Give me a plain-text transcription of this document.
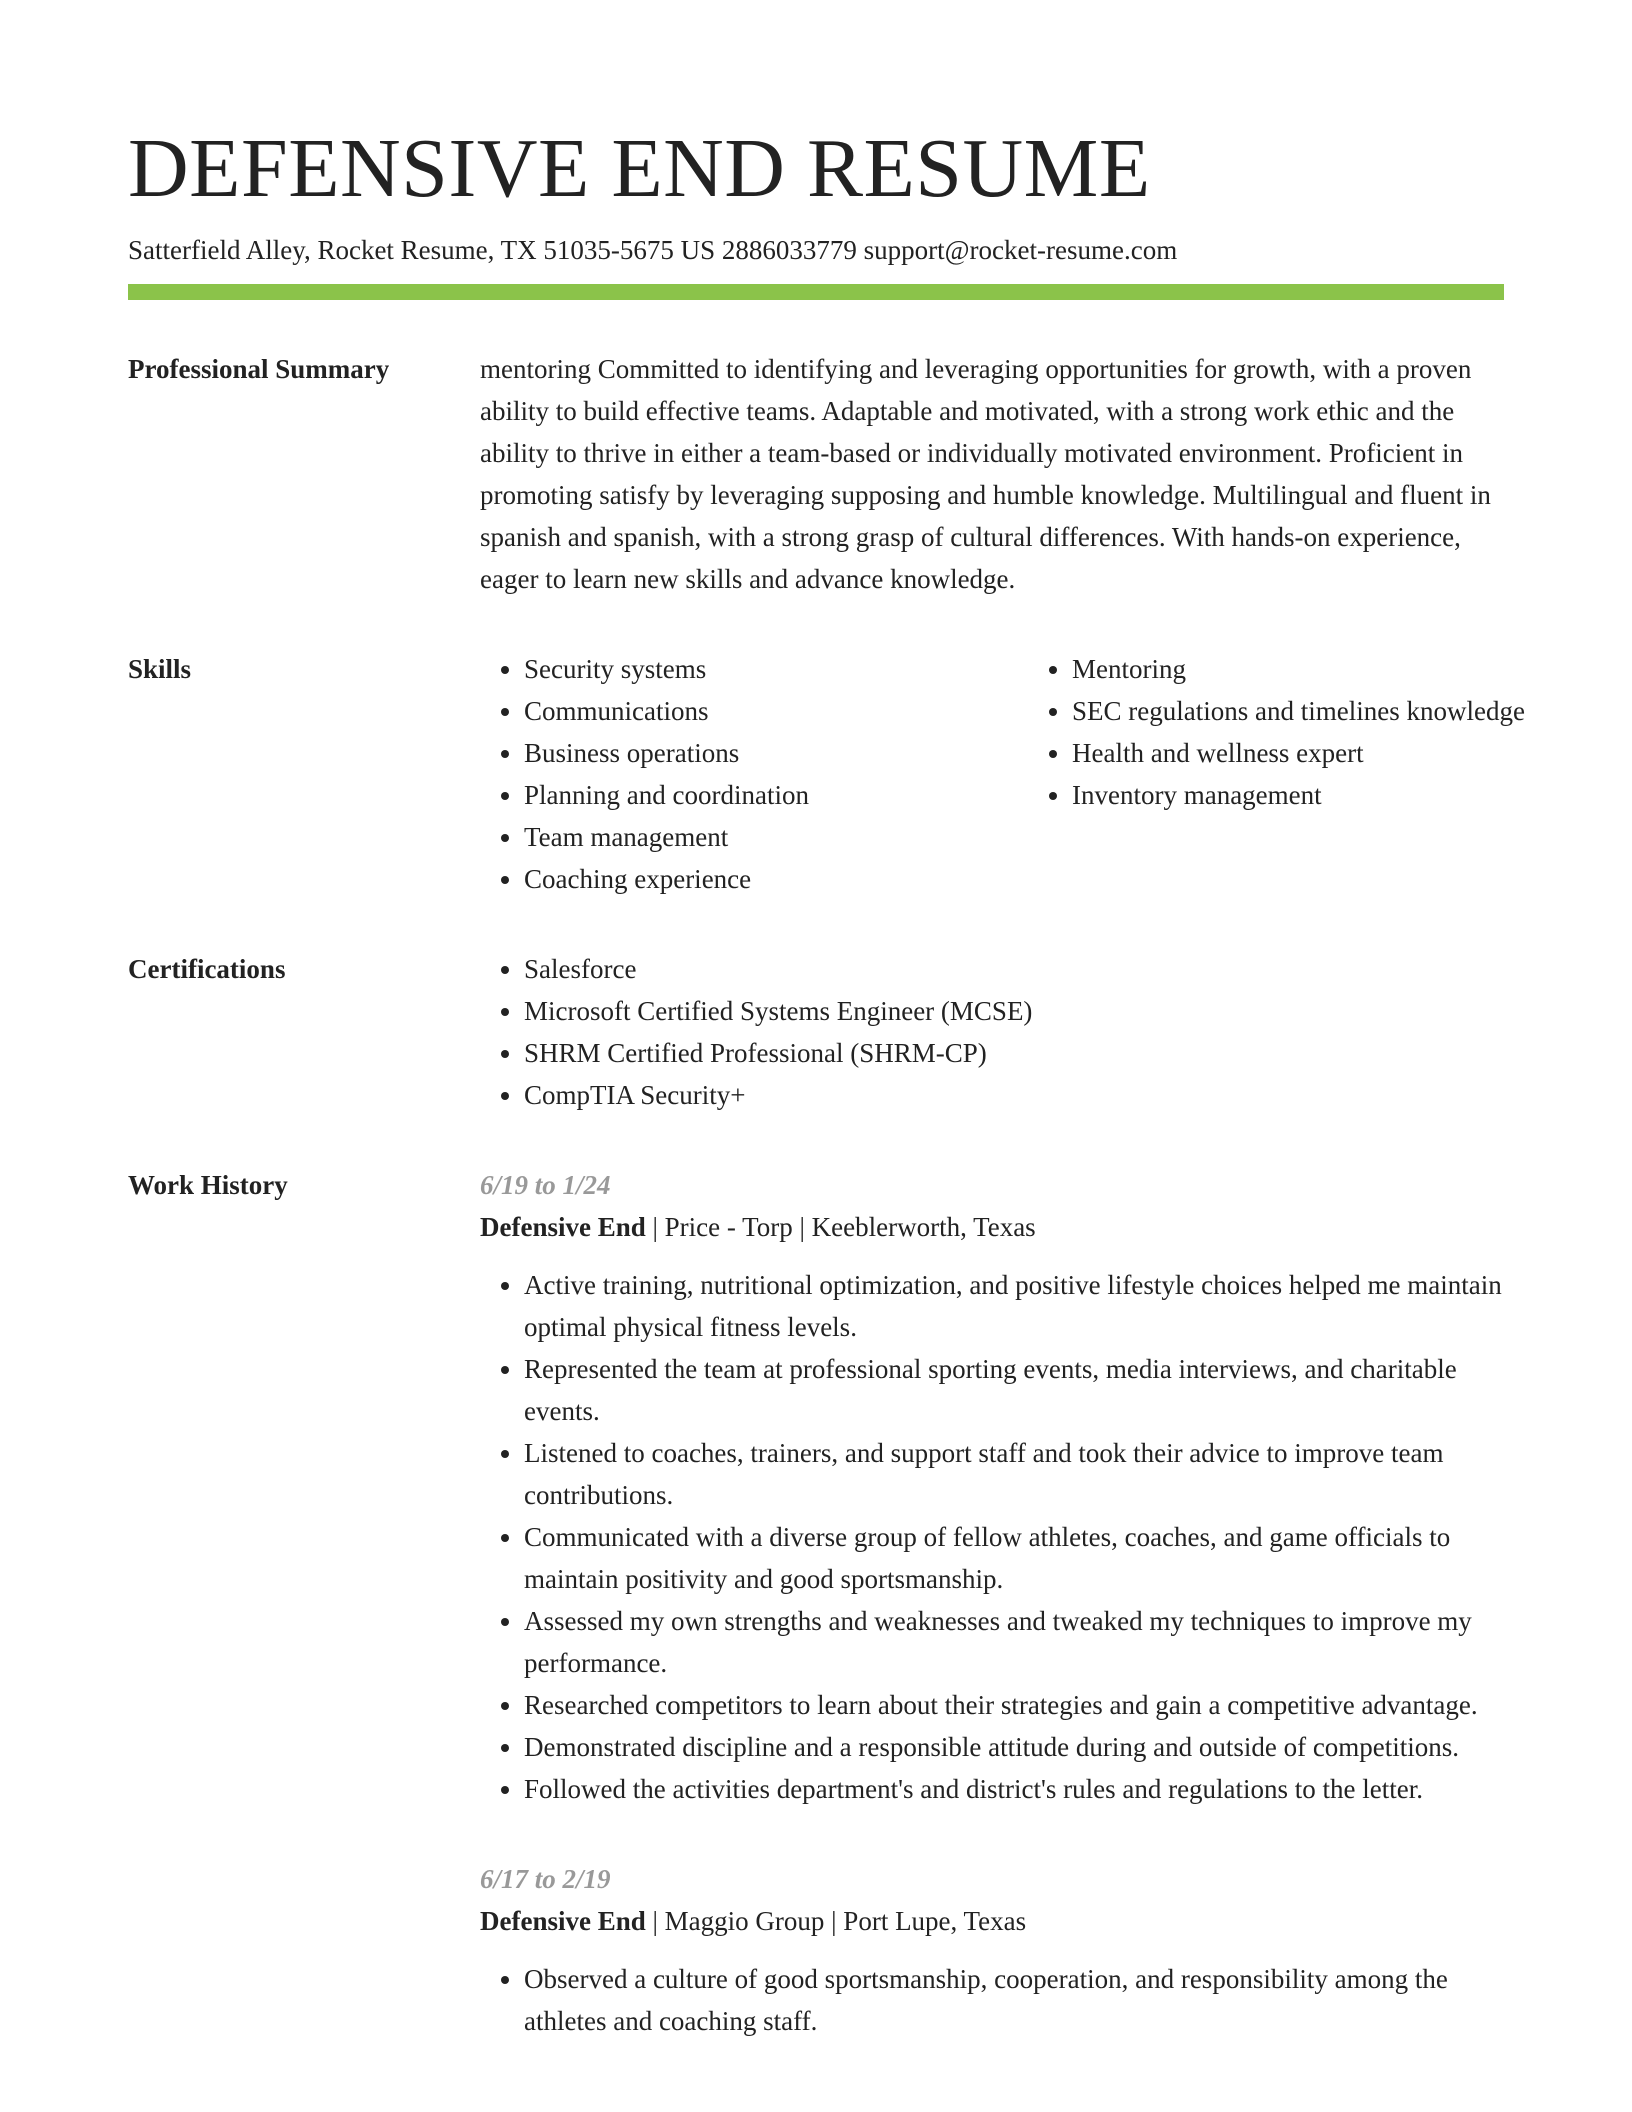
DEFENSIVE END RESUME
Satterfield Alley, Rocket Resume, TX 51035-5675 US 2886033779 support@rocket-resume.com
Professional Summary	mentoring Committed to identifying and leveraging opportunities for growth, with a proven ability to build effective teams. Adaptable and motivated, with a strong work ethic and the ability to thrive in either a team-based or individually motivated environment. Proficient in promoting satisfy by leveraging supposing and humble knowledge. Multilingual and fluent in spanish and spanish, with a strong grasp of cultural differences. With hands-on experience, eager to learn new skills and advance knowledge.

Skills	• Security systems
• Communications
• Business operations
• Planning and coordination
• Team management
• Coaching experience
• Mentoring
• SEC regulations and timelines knowledge
• Health and wellness expert
• Inventory management
Certifications	• Salesforce
• Microsoft Certified Systems Engineer (MCSE)
• SHRM Certified Professional (SHRM-CP)
• CompTIA Security+
Work History	6/19 to 1/24
Defensive End | Price - Torp | Keeblerworth, Texas
• Active training, nutritional optimization, and positive lifestyle choices helped me maintain optimal physical fitness levels.
• Represented the team at professional sporting events, media interviews, and charitable events.
• Listened to coaches, trainers, and support staff and took their advice to improve team contributions.
• Communicated with a diverse group of fellow athletes, coaches, and game officials to maintain positivity and good sportsmanship.
• Assessed my own strengths and weaknesses and tweaked my techniques to improve my performance.
• Researched competitors to learn about their strategies and gain a competitive advantage.
• Demonstrated discipline and a responsible attitude during and outside of competitions.
• Followed the activities department's and district's rules and regulations to the letter.
6/17 to 2/19
Defensive End | Maggio Group | Port Lupe, Texas
• Observed a culture of good sportsmanship, cooperation, and responsibility among the athletes and coaching staff.
